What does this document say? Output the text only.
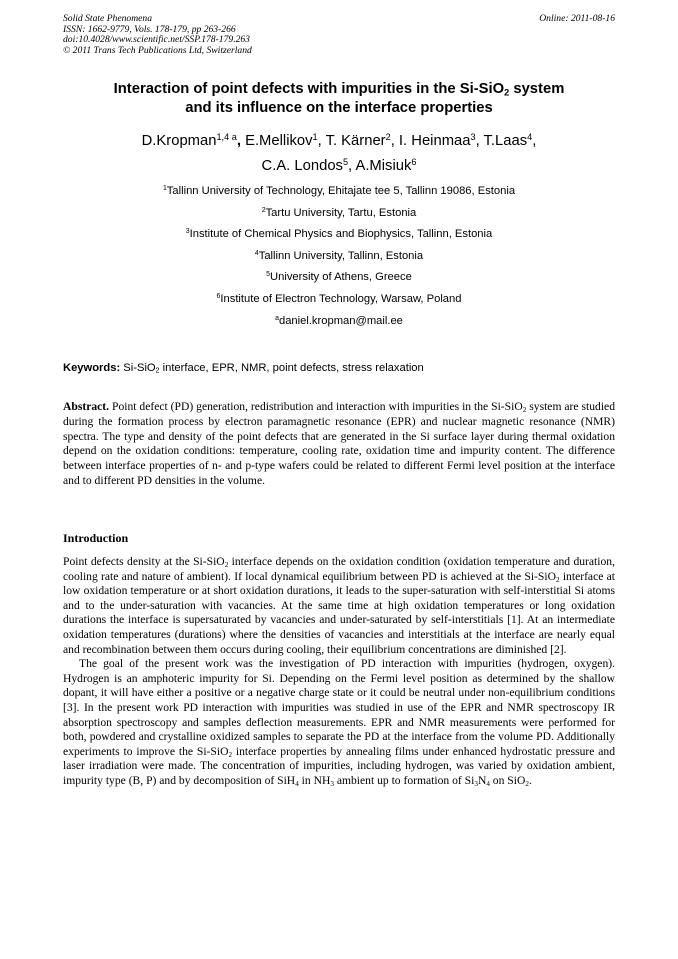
Solid State Phenomena
ISSN: 1662-9779, Vols. 178-179, pp 263-266
doi:10.4028/www.scientific.net/SSP.178-179.263
© 2011 Trans Tech Publications Ltd, Switzerland
Online: 2011-08-16
Interaction of point defects with impurities in the Si-SiO$_2$ system
and its influence on the interface properties
D.Kropman$^{1,4 a}$, E.Mellikov$^1$, T. Kärner$^2$, I. Heinmaa$^3$, T.Laas$^4$,
C.A. Londos$^5$, A.Misiuk$^6$
$^1$Tallinn University of Technology, Ehitajate tee 5, Tallinn 19086, Estonia
$^2$Tartu University, Tartu, Estonia
$^3$Institute of Chemical Physics and Biophysics, Tallinn, Estonia
$^4$Tallinn University, Tallinn, Estonia
$^5$University of Athens, Greece
$^6$Institute of Electron Technology, Warsaw, Poland
$^a$daniel.kropman@mail.ee
Keywords: Si-SiO$_2$ interface, EPR, NMR, point defects, stress relaxation
Abstract. Point defect (PD) generation, redistribution and interaction with impurities in the Si-SiO$_2$ system are studied during the formation process by electron paramagnetic resonance (EPR) and nuclear magnetic resonance (NMR) spectra. The type and density of the point defects that are generated in the Si surface layer during thermal oxidation depend on the oxidation conditions: temperature, cooling rate, oxidation time and impurity content. The difference between interface properties of n- and p-type wafers could be related to different Fermi level position at the interface and to different PD densities in the volume.
Introduction

Point defects density at the Si-SiO$_2$ interface depends on the oxidation condition (oxidation temperature and duration, cooling rate and nature of ambient). If local dynamical equilibrium between PD is achieved at the Si-SiO$_2$ interface at low oxidation temperature or at short oxidation durations, it leads to the super-saturation with self-interstitial Si atoms and to the under-saturation with vacancies. At the same time at high oxidation temperatures or long oxidation durations the interface is supersaturated by vacancies and under-saturated by self-interstitials [1]. At an intermediate oxidation temperatures (durations) where the densities of vacancies and interstitials at the interface are nearly equal and recombination between them occurs during cooling, their equilibrium concentrations are diminished [2].

The goal of the present work was the investigation of PD interaction with impurities (hydrogen, oxygen). Hydrogen is an amphoteric impurity for Si. Depending on the Fermi level position as determined by the shallow dopant, it will have either a positive or a negative charge state or it could be neutral under non-equilibrium conditions [3]. In the present work PD interaction with impurities was studied in use of the EPR and NMR spectroscopy IR absorption spectroscopy and samples deflection measurements. EPR and NMR measurements were performed for both, powdered and crystalline oxidized samples to separate the PD at the interface from the volume PD. Additionally experiments to improve the Si-SiO$_2$ interface properties by annealing films under enhanced hydrostatic pressure and laser irradiation were made. The concentration of impurities, including hydrogen, was varied by oxidation ambient, impurity type (B, P) and by decomposition of SiH$_4$ in $NH_3$ ambient up to formation of $Si_3N_4$ on SiO$_2$.
